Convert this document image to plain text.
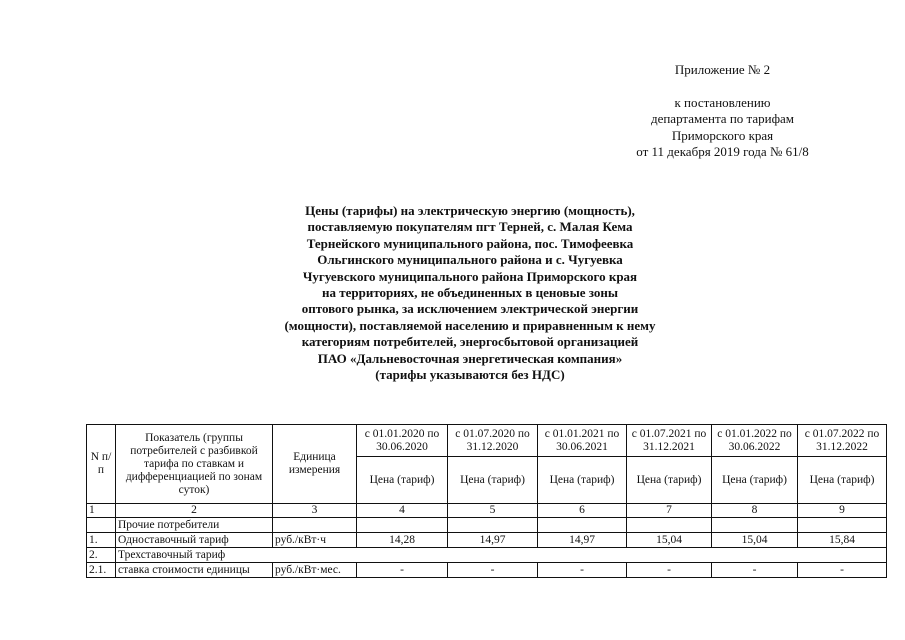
Приложение № 2
к постановлению
департамента по тарифам
Приморского края
от 11 декабря 2019 года № 61/8
Цены (тарифы) на электрическую энергию (мощность),
поставляемую покупателям пгт Терней, с. Малая Кема
Тернейского муниципального района, пос. Тимофеевка
Ольгинского муниципального района и с. Чугуевка
Чугуевского муниципального района Приморского края
на территориях, не объединенных в ценовые зоны
оптового рынка, за исключением электрической энергии
(мощности), поставляемой населению и приравненным к нему
категориям потребителей, энергосбытовой организацией
ПАО «Дальневосточная энергетическая компания»
(тарифы указываются без НДС)
N п/п	Показатель (группы потребителей с разбивкой тарифа по ставкам и дифференциацией по зонам суток)	Единица измерения	с 01.01.2020 по 30.06.2020	с 01.07.2020 по 31.12.2020	с 01.01.2021 по 30.06.2021	с 01.07.2021 по 31.12.2021	с 01.01.2022 по 30.06.2022	с 01.07.2022 по 31.12.2022
			Цена (тариф)	Цена (тариф)	Цена (тариф)	Цена (тариф)	Цена (тариф)	Цена (тариф)
1	2	3	4	5	6	7	8	9
	Прочие потребители							
1.	Одноставочный тариф	руб./кВт·ч	14,28	14,97	14,97	15,04	15,04	15,84
2.	Трехставочный тариф							
2.1.	ставка стоимости единицы	руб./кВт·мес.	-	-	-	-	-	-
